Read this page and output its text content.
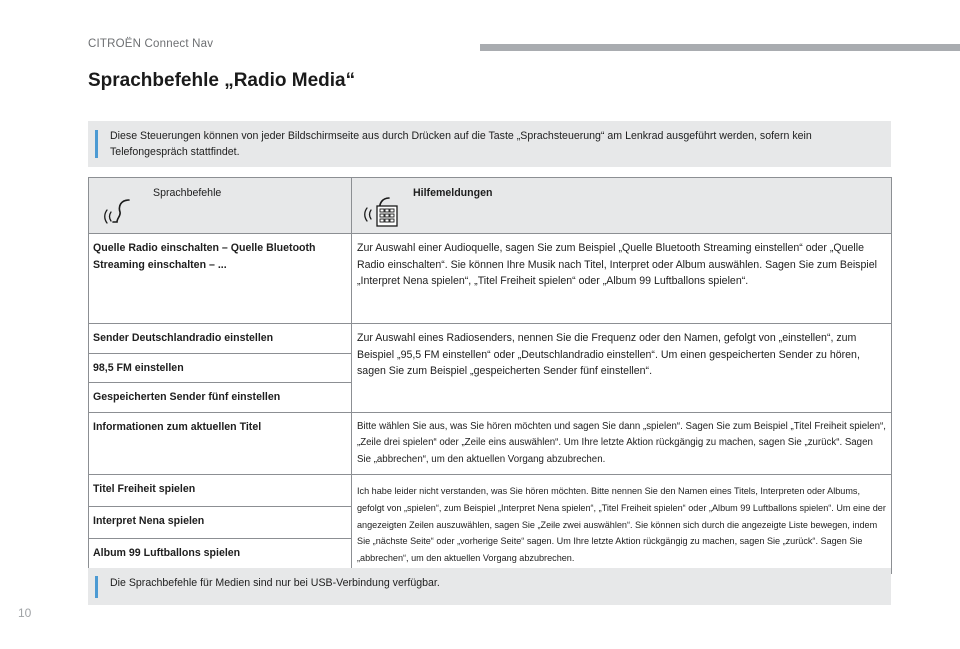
CITROËN Connect Nav
Sprachbefehle „Radio Media“
Diese Steuerungen können von jeder Bildschirmseite aus durch Drücken auf die Taste „Sprachsteuerung“ am Lenkrad ausgeführt werden, sofern kein Telefongespräch stattfindet.
Sprachbefehle	Hilfemeldungen

Quelle Radio einschalten – Quelle Bluetooth Streaming einschalten – ...	Zur Auswahl einer Audioquelle, sagen Sie zum Beispiel „Quelle Bluetooth Streaming einstellen“ oder „Quelle Radio einschalten“. Sie können Ihre Musik nach Titel, Interpret oder Album auswählen. Sagen Sie zum Beispiel „Interpret Nena spielen“, „Titel Freiheit spielen“ oder „Album 99 Luftballons spielen“.
Sender Deutschlandradio einstellen	Zur Auswahl eines Radiosenders, nennen Sie die Frequenz oder den Namen, gefolgt von „einstellen“, zum Beispiel „95,5 FM einstellen“ oder „Deutschlandradio einstellen“. Um einen gespeicherten Sender zu hören, sagen Sie zum Beispiel „gespeicherten Sender fünf einstellen“.
98,5 FM einstellen	
Gespeicherten Sender fünf einstellen	
Informationen zum aktuellen Titel	Bitte wählen Sie aus, was Sie hören möchten und sagen Sie dann „spielen“. Sagen Sie zum Beispiel „Titel Freiheit spielen“, „Zeile drei spielen“ oder „Zeile eins auswählen“. Um Ihre letzte Aktion rückgängig zu machen, sagen Sie „zurück“. Sagen Sie „abbrechen“, um den aktuellen Vorgang abzubrechen.
Titel Freiheit spielen	Ich habe leider nicht verstanden, was Sie hören möchten. Bitte nennen Sie den Namen eines Titels, Interpreten oder Albums, gefolgt von „spielen“, zum Beispiel „Interpret Nena spielen“, „Titel Freiheit spielen“ oder „Album 99 Luftballons spielen“. Um eine der angezeigten Zeilen auszuwählen, sagen Sie „Zeile zwei auswählen“. Sie können sich durch die angezeigte Liste bewegen, indem Sie „nächste Seite“ oder „vorherige Seite“ sagen. Um Ihre letzte Aktion rückgängig zu machen, sagen Sie „zurück“. Sagen Sie „abbrechen“, um den aktuellen Vorgang abzubrechen.
Interpret Nena spielen	
Album 99 Luftballons spielen	
Die Sprachbefehle für Medien sind nur bei USB-Verbindung verfügbar.
10
